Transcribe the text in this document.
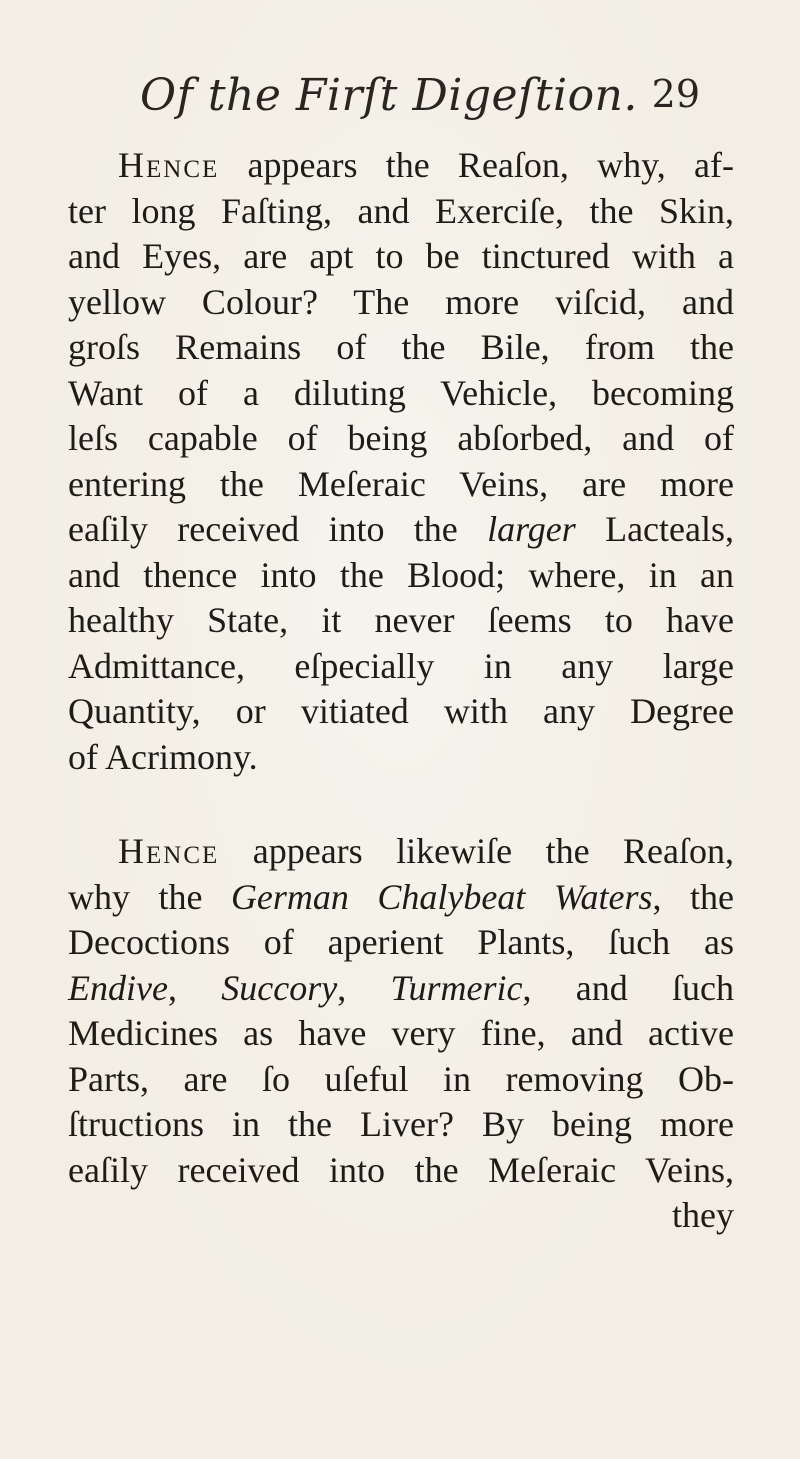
Of the Firſt Digeſtion. 29
Hence appears the Reaſon, why, af-
ter long Faſting, and Exerciſe, the Skin,
and Eyes, are apt to be tinctured with a
yellow Colour? The more viſcid, and
groſs Remains of the Bile, from the
Want of a diluting Vehicle, becoming
leſs capable of being abſorbed, and of
entering the Meſeraic Veins, are more
eaſily received into the larger Lacteals,
and thence into the Blood; where, in an
healthy State, it never ſeems to have
Admittance, eſpecially in any large
Quantity, or vitiated with any Degree
of Acrimony.
Hence appears likewiſe the Reaſon,
why the German Chalybeat Waters, the
Decoctions of aperient Plants, ſuch as
Endive, Succory, Turmeric, and ſuch
Medicines as have very fine, and active
Parts, are ſo uſeful in removing Ob-
ſtructions in the Liver? By being more
eaſily received into the Meſeraic Veins,
they
